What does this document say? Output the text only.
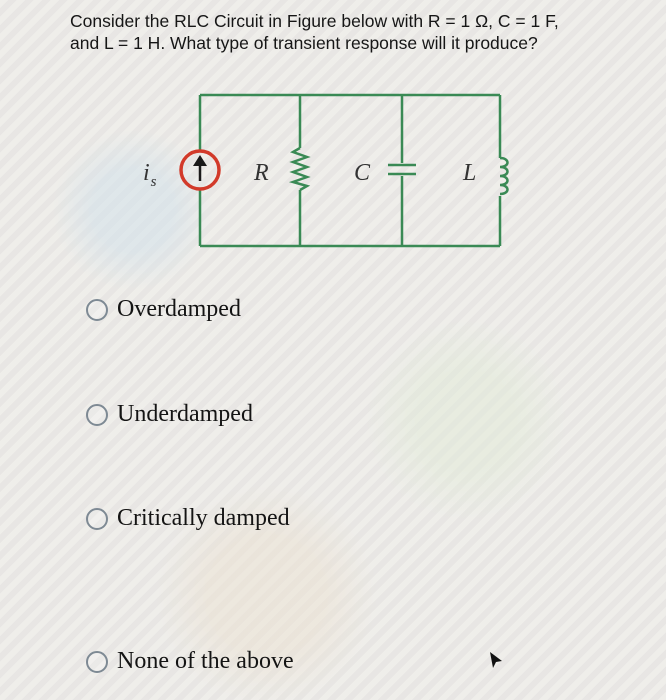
Consider the RLC Circuit in Figure below with R = 1 Ω, C = 1 F,
and L = 1 H. What type of transient response will it produce?
$i_s$	R	C	L
Overdamped
Underdamped
Critically damped
None of the above
